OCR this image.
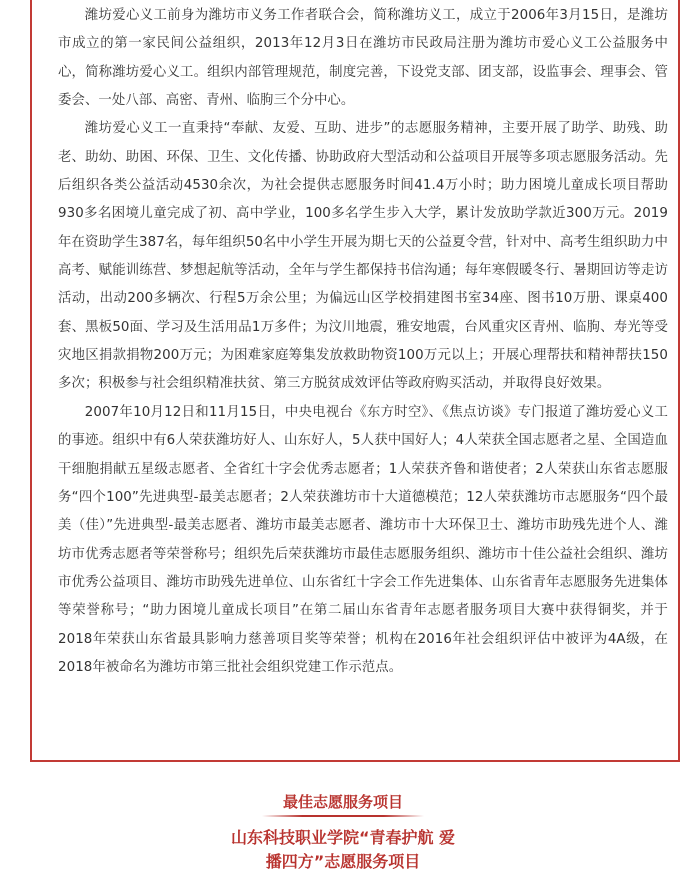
潍坊爱心义工前身为潍坊市义务工作者联合会，简称潍坊义工，成立于2006年3月15日，是潍坊市成立的第一家民间公益组织，2013年12月3日在潍坊市民政局注册为潍坊市爱心义工公益服务中心，简称潍坊爱心义工。组织内部管理规范，制度完善，下设党支部、团支部，设监事会、理事会、管委会、一处八部、高密、青州、临朐三个分中心。

潍坊爱心义工一直秉持“奉献、友爱、互助、进步”的志愿服务精神，主要开展了助学、助残、助老、助幼、助困、环保、卫生、文化传播、协助政府大型活动和公益项目开展等多项志愿服务活动。先后组织各类公益活动4530余次，为社会提供志愿服务时间41.4万小时；助力困境儿童成长项目帮助930多名困境儿童完成了初、高中学业，100多名学生步入大学，累计发放助学款近300万元。2019年在资助学生387名，每年组织50名中小学生开展为期七天的公益夏令营，针对中、高考生组织助力中高考、赋能训练营、梦想起航等活动，全年与学生都保持书信沟通；每年寒假暖冬行、暑期回访等走访活动，出动200多辆次、行程5万余公里；为偏远山区学校捐建图书室34座、图书10万册、课桌400套、黑板50面、学习及生活用品1万多件；为汶川地震，雅安地震，台风重灾区青州、临朐、寿光等受灾地区捐款捐物200万元；为困难家庭筹集发放救助物资100万元以上；开展心理帮扶和精神帮扶150多次；积极参与社会组织精准扶贫、第三方脱贫成效评估等政府购买活动，并取得良好效果。

2007年10月12日和11月15日，中央电视台《东方时空》、《焦点访谈》专门报道了潍坊爱心义工的事迹。组织中有6人荣获潍坊好人、山东好人，5人获中国好人；4人荣获全国志愿者之星、全国造血干细胞捐献五星级志愿者、全省红十字会优秀志愿者；1人荣获齐鲁和谐使者；2人荣获山东省志愿服务“四个100”先进典型-最美志愿者；2人荣获潍坊市十大道德模范；12人荣获潍坊市志愿服务“四个最美（佳）”先进典型-最美志愿者、潍坊市最美志愿者、潍坊市十大环保卫士、潍坊市助残先进个人、潍坊市优秀志愿者等荣誉称号；组织先后荣获潍坊市最佳志愿服务组织、潍坊市十佳公益社会组织、潍坊市优秀公益项目、潍坊市助残先进单位、山东省红十字会工作先进集体、山东省青年志愿服务先进集体等荣誉称号；“助力困境儿童成长项目”在第二届山东省青年志愿者服务项目大赛中获得铜奖，并于2018年荣获山东省最具影响力慈善项目奖等荣誉；机构在2016年社会组织评估中被评为4A级，在2018年被命名为潍坊市第三批社会组织党建工作示范点。

最佳志愿服务项目
山东科技职业学院“青春护航 爱
播四方”志愿服务项目
